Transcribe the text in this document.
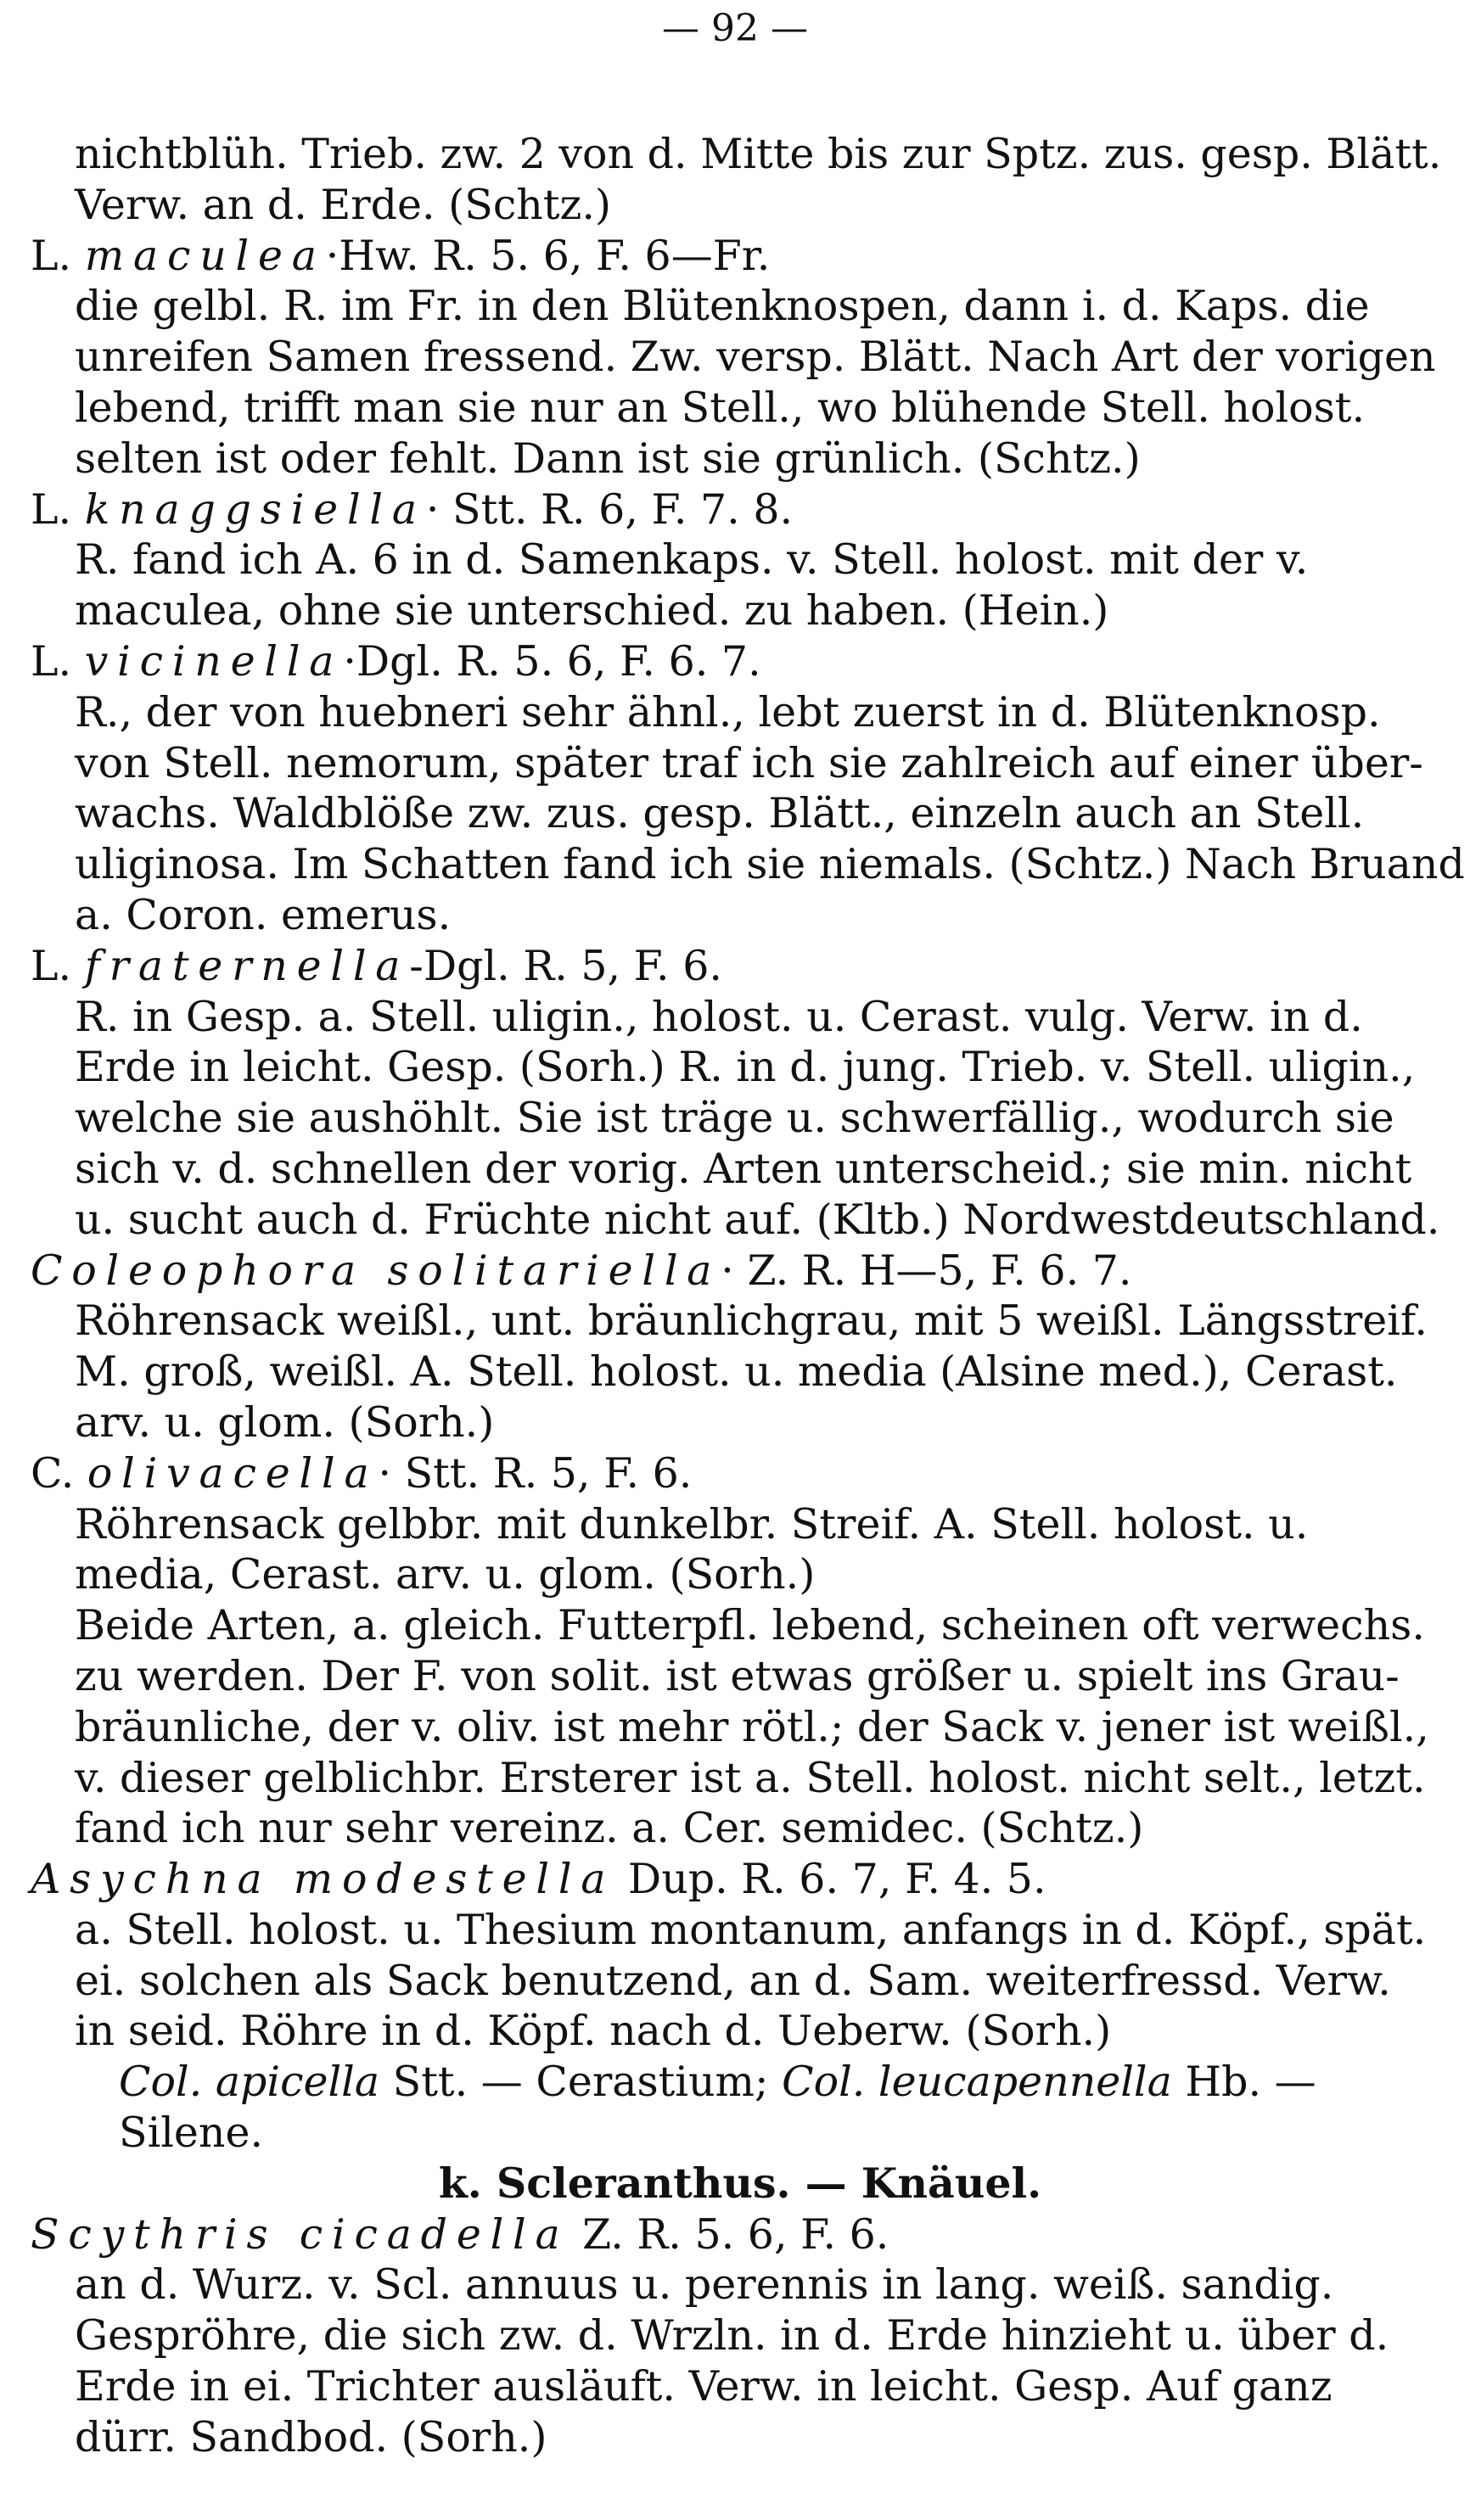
— 92 —
nichtblüh. Trieb. zw. 2 von d. Mitte bis zur Sptz. zus. gesp. Blätt.
Verw. an d. Erde. (Schtz.)
L. maculea·Hw. R. 5. 6, F. 6—Fr.
die gelbl. R. im Fr. in den Blütenknospen, dann i. d. Kaps. die
unreifen Samen fressend. Zw. versp. Blätt. Nach Art der vorigen
lebend, trifft man sie nur an Stell., wo blühende Stell. holost.
selten ist oder fehlt. Dann ist sie grünlich. (Schtz.)
L. knaggsiella· Stt. R. 6, F. 7. 8.
R. fand ich A. 6 in d. Samenkaps. v. Stell. holost. mit der v.
maculea, ohne sie unterschied. zu haben. (Hein.)
L. vicinella·Dgl. R. 5. 6, F. 6. 7.
R., der von huebneri sehr ähnl., lebt zuerst in d. Blütenknosp.
von Stell. nemorum, später traf ich sie zahlreich auf einer über-
wachs. Waldblöße zw. zus. gesp. Blätt., einzeln auch an Stell.
uliginosa. Im Schatten fand ich sie niemals. (Schtz.) Nach Bruand
a. Coron. emerus.
L. fraternella-Dgl. R. 5, F. 6.
R. in Gesp. a. Stell. uligin., holost. u. Cerast. vulg. Verw. in d.
Erde in leicht. Gesp. (Sorh.) R. in d. jung. Trieb. v. Stell. uligin.,
welche sie aushöhlt. Sie ist träge u. schwerfällig., wodurch sie
sich v. d. schnellen der vorig. Arten unterscheid.; sie min. nicht
u. sucht auch d. Früchte nicht auf. (Kltb.) Nordwestdeutschland.
Coleophora solitariella· Z. R. H—5, F. 6. 7.
Röhrensack weißl., unt. bräunlichgrau, mit 5 weißl. Längsstreif.
M. groß, weißl. A. Stell. holost. u. media (Alsine med.), Cerast.
arv. u. glom. (Sorh.)
C. olivacella· Stt. R. 5, F. 6.
Röhrensack gelbbr. mit dunkelbr. Streif. A. Stell. holost. u.
media, Cerast. arv. u. glom. (Sorh.)
Beide Arten, a. gleich. Futterpfl. lebend, scheinen oft verwechs.
zu werden. Der F. von solit. ist etwas größer u. spielt ins Grau-
bräunliche, der v. oliv. ist mehr rötl.; der Sack v. jener ist weißl.,
v. dieser gelblichbr. Ersterer ist a. Stell. holost. nicht selt., letzt.
fand ich nur sehr vereinz. a. Cer. semidec. (Schtz.)
Asychna modestella Dup. R. 6. 7, F. 4. 5.
a. Stell. holost. u. Thesium montanum, anfangs in d. Köpf., spät.
ei. solchen als Sack benutzend, an d. Sam. weiterfressd. Verw.
in seid. Röhre in d. Köpf. nach d. Ueberw. (Sorh.)
Col. apicella Stt. — Cerastium; Col. leucapennella Hb. —
Silene.
k. Scleranthus. — Knäuel.
Scythris cicadella Z. R. 5. 6, F. 6.
an d. Wurz. v. Scl. annuus u. perennis in lang. weiß. sandig.
Gespröhre, die sich zw. d. Wrzln. in d. Erde hinzieht u. über d.
Erde in ei. Trichter ausläuft. Verw. in leicht. Gesp. Auf ganz
dürr. Sandbod. (Sorh.)
